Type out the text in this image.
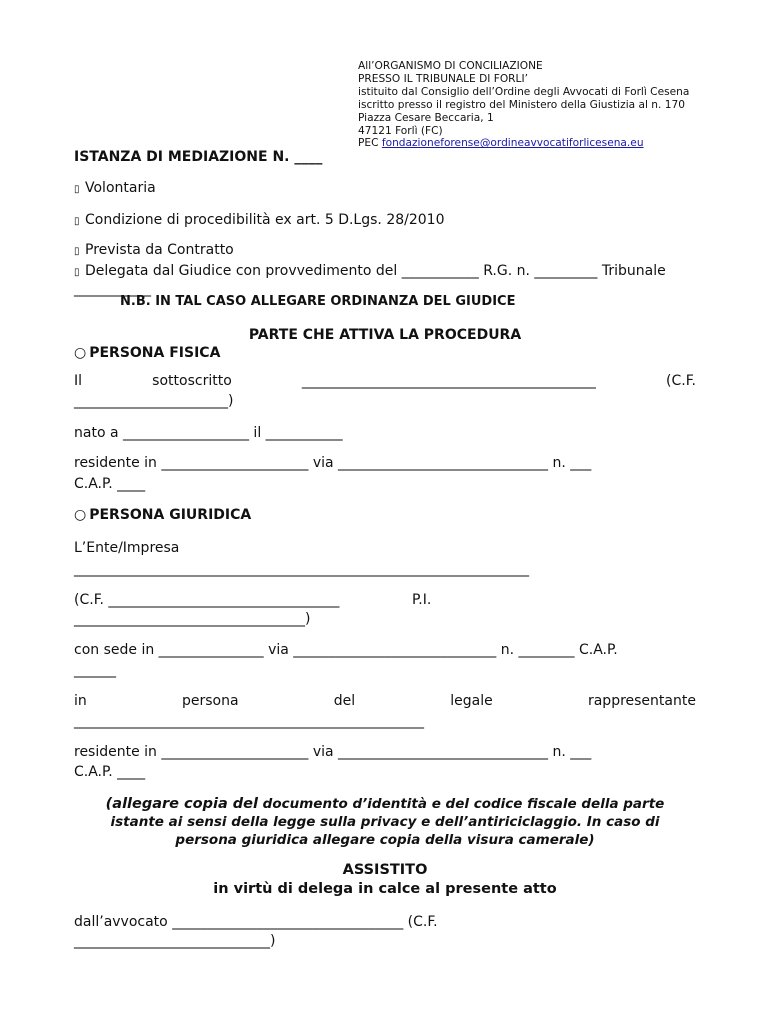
All’ORGANISMO DI CONCILIAZIONE
PRESSO IL TRIBUNALE DI FORLI’
istituito dal Consiglio dell’Ordine degli Avvocati di Forlì Cesena
iscritto presso il registro del Ministero della Giustizia al n. 170
Piazza Cesare Beccaria, 1
47121 Forlì (FC)
PEC fondazioneforense@ordineavvocatiforlicesena.eu
ISTANZA DI MEDIAZIONE N. ____
▯ Volontaria
▯ Condizione di procedibilità ex art. 5 D.Lgs. 28/2010
▯ Prevista da Contratto
▯ Delegata dal Giudice con provvedimento del ___________ R.G. n. _________ Tribunale
___________
N.B. IN TAL CASO ALLEGARE ORDINANZA DEL GIUDICE
PARTE CHE ATTIVA LA PROCEDURA
○ PERSONA FISICA
Il	sottoscritto	__________________________________________	(C.F.
______________________)
nato a __________________ il ___________
residente in _____________________ via ______________________________ n. ___
C.A.P. ____
○ PERSONA GIURIDICA
L’Ente/Impresa
_________________________________________________________________
(C.F. _________________________________	P.I.
_________________________________)
con sede in _______________ via _____________________________ n. ________ C.A.P.
______
in	persona	del	legale	rappresentante
__________________________________________________
residente in _____________________ via ______________________________ n. ___
C.A.P. ____
(allegare copia del documento d’identità e del codice fiscale della parte
istante ai sensi della legge sulla privacy e dell’antiriciclaggio. In caso di
persona giuridica allegare copia della visura camerale)
ASSISTITO
in virtù di delega in calce al presente atto
dall’avvocato _________________________________ (C.F.
____________________________)
